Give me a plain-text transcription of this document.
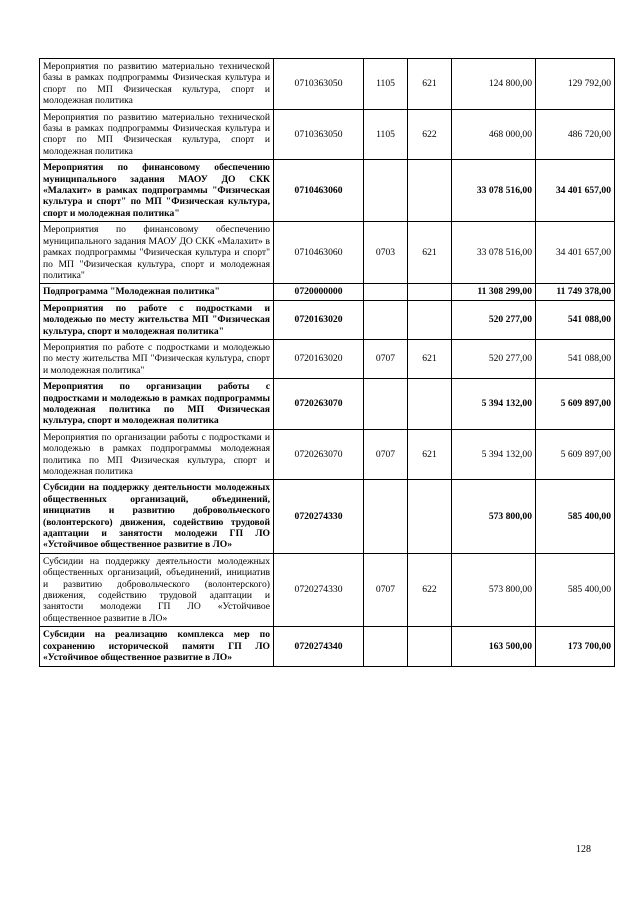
Мероприятия по развитию материально технической базы в рамках подпрограммы Физическая культура и спорт по МП Физическая культура, спорт и молодежная политика	0710363050	1105	621	124 800,00	129 792,00
Мероприятия по развитию материально технической базы в рамках подпрограммы Физическая культура и спорт по МП Физическая культура, спорт и молодежная политика	0710363050	1105	622	468 000,00	486 720,00
Мероприятия по финансовому обеспечению муниципального задания МАОУ ДО СКК «Малахит» в рамках подпрограммы "Физическая культура и спорт" по МП "Физическая культура, спорт и молодежная политика"	0710463060			33 078 516,00	34 401 657,00
Мероприятия по финансовому обеспечению муниципального задания МАОУ ДО СКК «Малахит» в рамках подпрограммы "Физическая культура и спорт" по МП "Физическая культура, спорт и молодежная политика"	0710463060	0703	621	33 078 516,00	34 401 657,00
Подпрограмма "Молодежная политика"	0720000000			11 308 299,00	11 749 378,00
Мероприятия по работе с подростками и молодежью по месту жительства МП "Физическая культура, спорт и молодежная политика"	0720163020			520 277,00	541 088,00
Мероприятия по работе с подростками и молодежью по месту жительства МП "Физическая культура, спорт и молодежная политика"	0720163020	0707	621	520 277,00	541 088,00
Мероприятия по организации работы с подростками и молодежью в рамках подпрограммы молодежная политика по МП Физическая культура, спорт и молодежная политика	0720263070			5 394 132,00	5 609 897,00
Мероприятия по организации работы с подростками и молодежью в рамках подпрограммы молодежная политика по МП Физическая культура, спорт и молодежная политика	0720263070	0707	621	5 394 132,00	5 609 897,00
Субсидии на поддержку деятельности молодежных общественных организаций, объединений, инициатив и развитию добровольческого (волонтерского) движения, содействию трудовой адаптации и занятости молодежи ГП ЛО «Устойчивое общественное развитие в ЛО»	0720274330			573 800,00	585 400,00
Субсидии на поддержку деятельности молодежных общественных организаций, объединений, инициатив и развитию добровольческого (волонтерского) движения, содействию трудовой адаптации и занятости молодежи ГП ЛО «Устойчивое общественное развитие в ЛО»	0720274330	0707	622	573 800,00	585 400,00
Субсидии на реализацию комплекса мер по сохранению исторической памяти ГП ЛО «Устойчивое общественное развитие в ЛО»	0720274340			163 500,00	173 700,00
128
